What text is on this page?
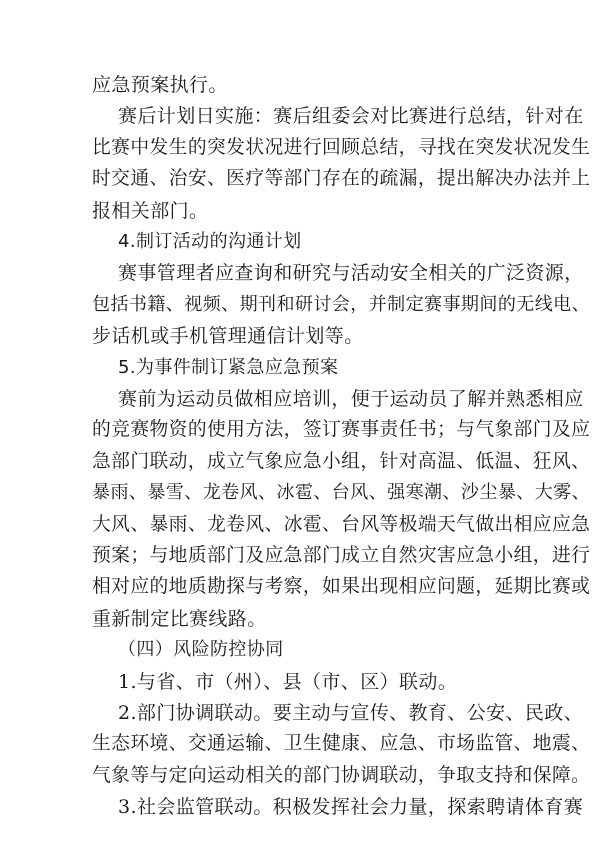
应急预案执行。
赛后计划日实施：赛后组委会对比赛进行总结，针对在
比赛中发生的突发状况进行回顾总结，寻找在突发状况发生
时交通、治安、医疗等部门存在的疏漏，提出解决办法并上
报相关部门。
4.制订活动的沟通计划
赛事管理者应查询和研究与活动安全相关的广泛资源，
包括书籍、视频、期刊和研讨会，并制定赛事期间的无线电、
步话机或手机管理通信计划等。
5.为事件制订紧急应急预案
赛前为运动员做相应培训，便于运动员了解并熟悉相应
的竞赛物资的使用方法，签订赛事责任书；与气象部门及应
急部门联动，成立气象应急小组，针对高温、低温、狂风、
暴雨、暴雪、龙卷风、冰雹、台风、强寒潮、沙尘暴、大雾、
大风、暴雨、龙卷风、冰雹、台风等极端天气做出相应应急
预案；与地质部门及应急部门成立自然灾害应急小组，进行
相对应的地质勘探与考察，如果出现相应问题，延期比赛或
重新制定比赛线路。
（四）风险防控协同
1.与省、市（州）、县（市、区）联动。
2.部门协调联动。要主动与宣传、教育、公安、民政、
生态环境、交通运输、卫生健康、应急、市场监管、地震、
气象等与定向运动相关的部门协调联动，争取支持和保障。
3.社会监管联动。积极发挥社会力量，探索聘请体育赛
